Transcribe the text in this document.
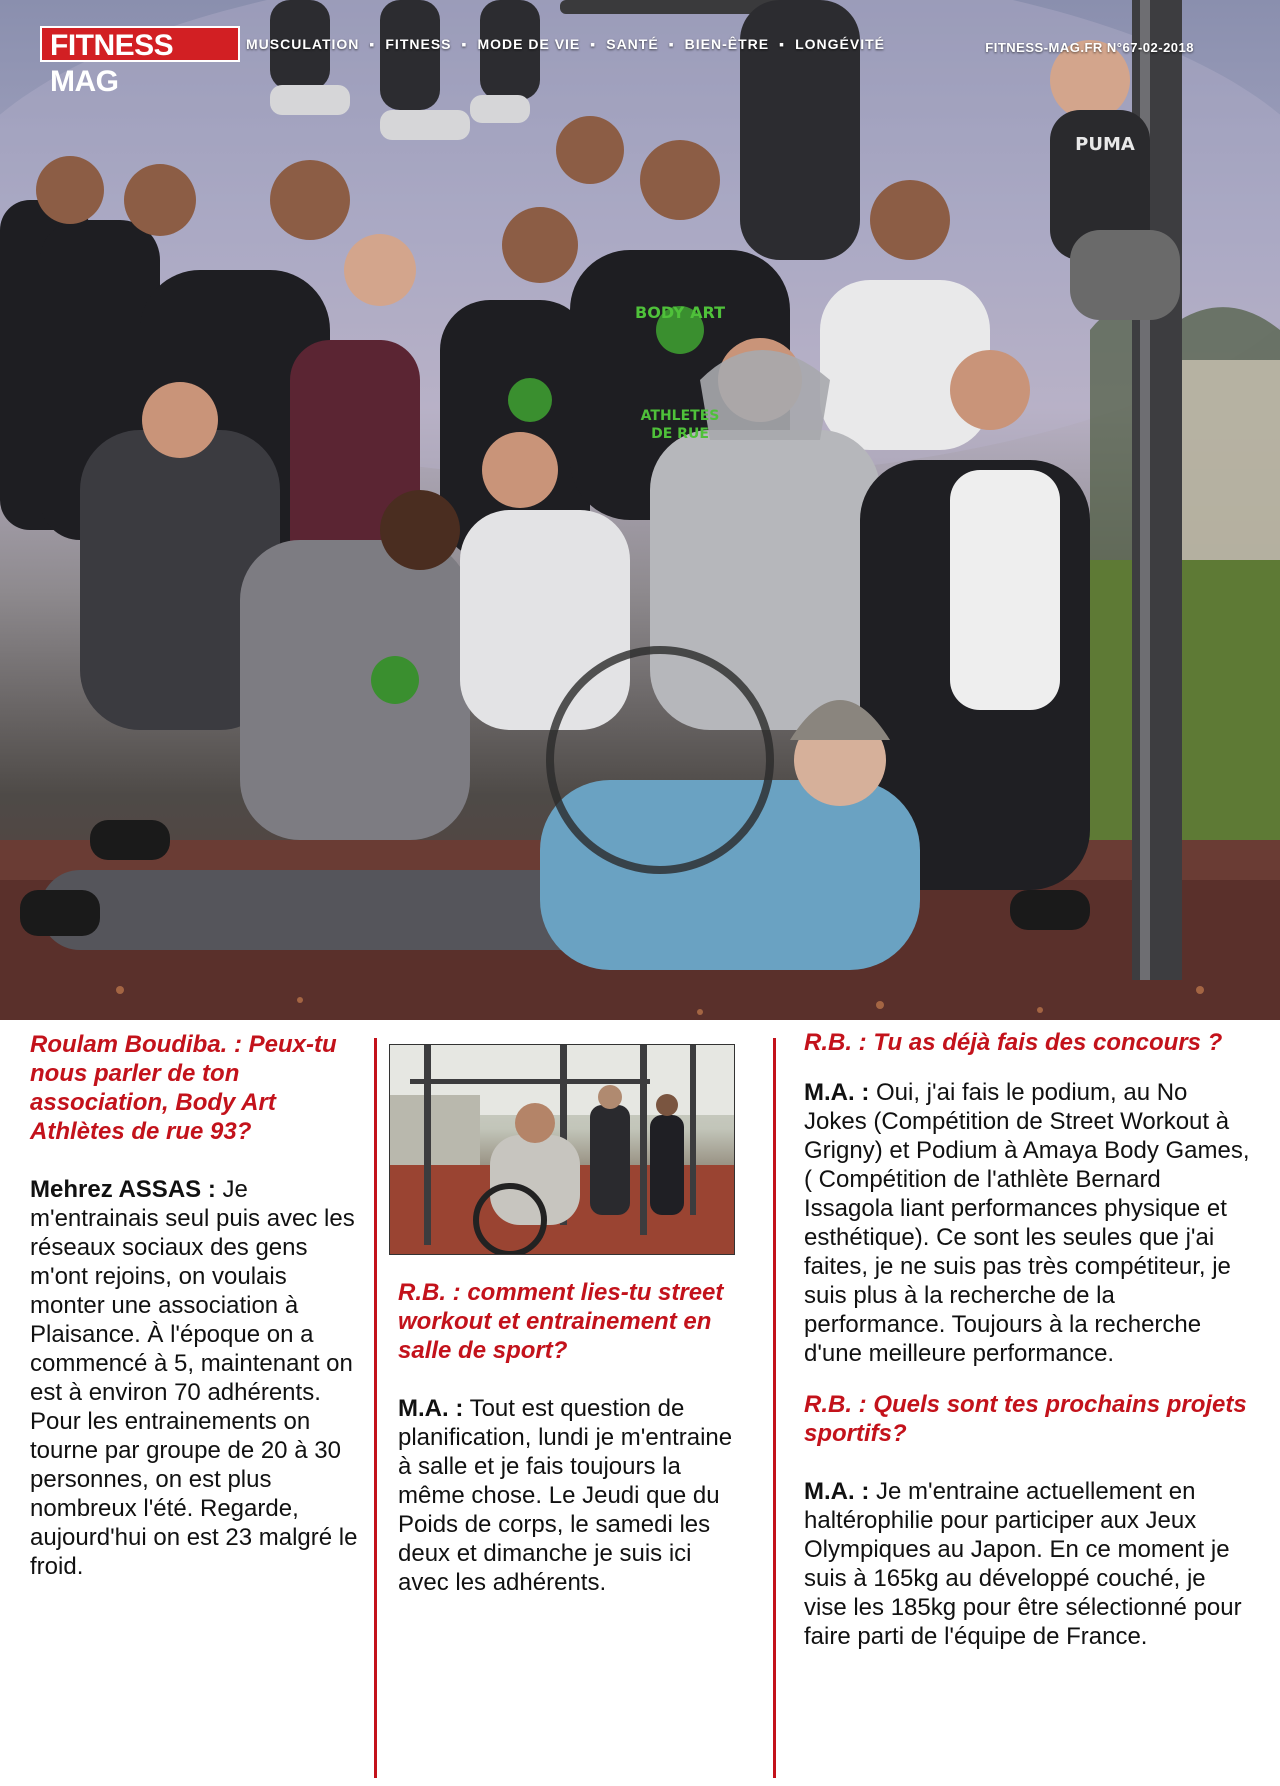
BODY ART
ATHLETES
DE RUE
PUMA
FITNESS MAG
MUSCULATION ▪ FITNESS ▪ MODE DE VIE ▪ SANTÉ ▪ BIEN-ÊTRE ▪ LONGÉVITÉ	FITNESS-MAG.FR N°67-02-2018

Roulam Boudiba. : Peux-tu nous parler de ton association, Body Art Athlètes de rue 93?

Mehrez ASSAS : Je m'entrainais seul puis avec les réseaux sociaux des gens m'ont rejoins, on voulais monter une association à Plaisance. À l'époque on a commencé à 5, maintenant on est à environ 70 adhérents. Pour les entrainements on tourne par groupe de 20 à 30 personnes, on est plus nombreux l'été. Regarde, aujourd'hui on est 23 malgré le froid.

R.B. : comment lies-tu street workout et entrainement en salle de sport?

M.A. : Tout est question de planification, lundi je m'entraine à salle et je fais toujours la même chose. Le Jeudi que du Poids de corps, le samedi les deux et dimanche je suis ici avec les adhérents.

R.B. : Tu as déjà fais des concours ?

M.A. : Oui, j'ai fais le podium, au No Jokes (Compétition de Street Workout à Grigny) et Podium à Amaya Body Games, ( Compétition de l'athlète Bernard Issagola liant performances physique et esthétique). Ce sont les seules que j'ai faites, je ne suis pas très compétiteur, je suis plus à la recherche de la performance. Toujours à la recherche d'une meilleure performance.

R.B. : Quels sont tes prochains projets sportifs?

M.A. : Je m'entraine actuellement en haltérophilie pour participer aux Jeux Olympiques au Japon. En ce moment je suis à 165kg au développé couché, je vise les 185kg pour être sélectionné pour faire parti de l'équipe de France.
